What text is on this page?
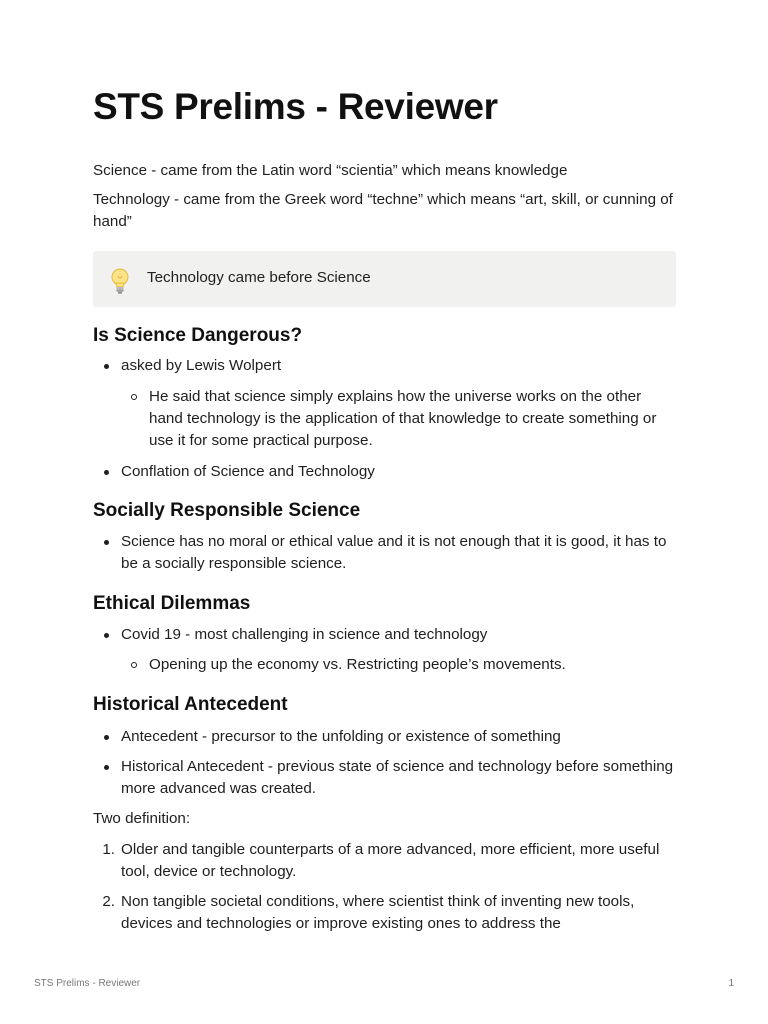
STS Prelims - Reviewer

Science - came from the Latin word “scientia” which means knowledge

Technology - came from the Greek word “techne” which means “art, skill, or cunning of hand”

Technology came before Science
Is Science Dangerous?
asked by Lewis Wolpert
He said that science simply explains how the universe works on the other hand technology is the application of that knowledge to create something or use it for some practical purpose.
Conflation of Science and Technology
Socially Responsible Science
Science has no moral or ethical value and it is not enough that it is good, it has to be a socially responsible science.
Ethical Dilemmas
Covid 19 - most challenging in science and technology
Opening up the economy vs. Restricting people’s movements.
Historical Antecedent
Antecedent - precursor to the unfolding or existence of something
Historical Antecedent - previous state of science and technology before something more advanced was created.

Two definition:

1. Older and tangible counterparts of a more advanced, more efficient, more useful tool, device or technology.
2. Non tangible societal conditions, where scientist think of inventing new tools, devices and technologies or improve existing ones to address the
STS Prelims - Reviewer	1
